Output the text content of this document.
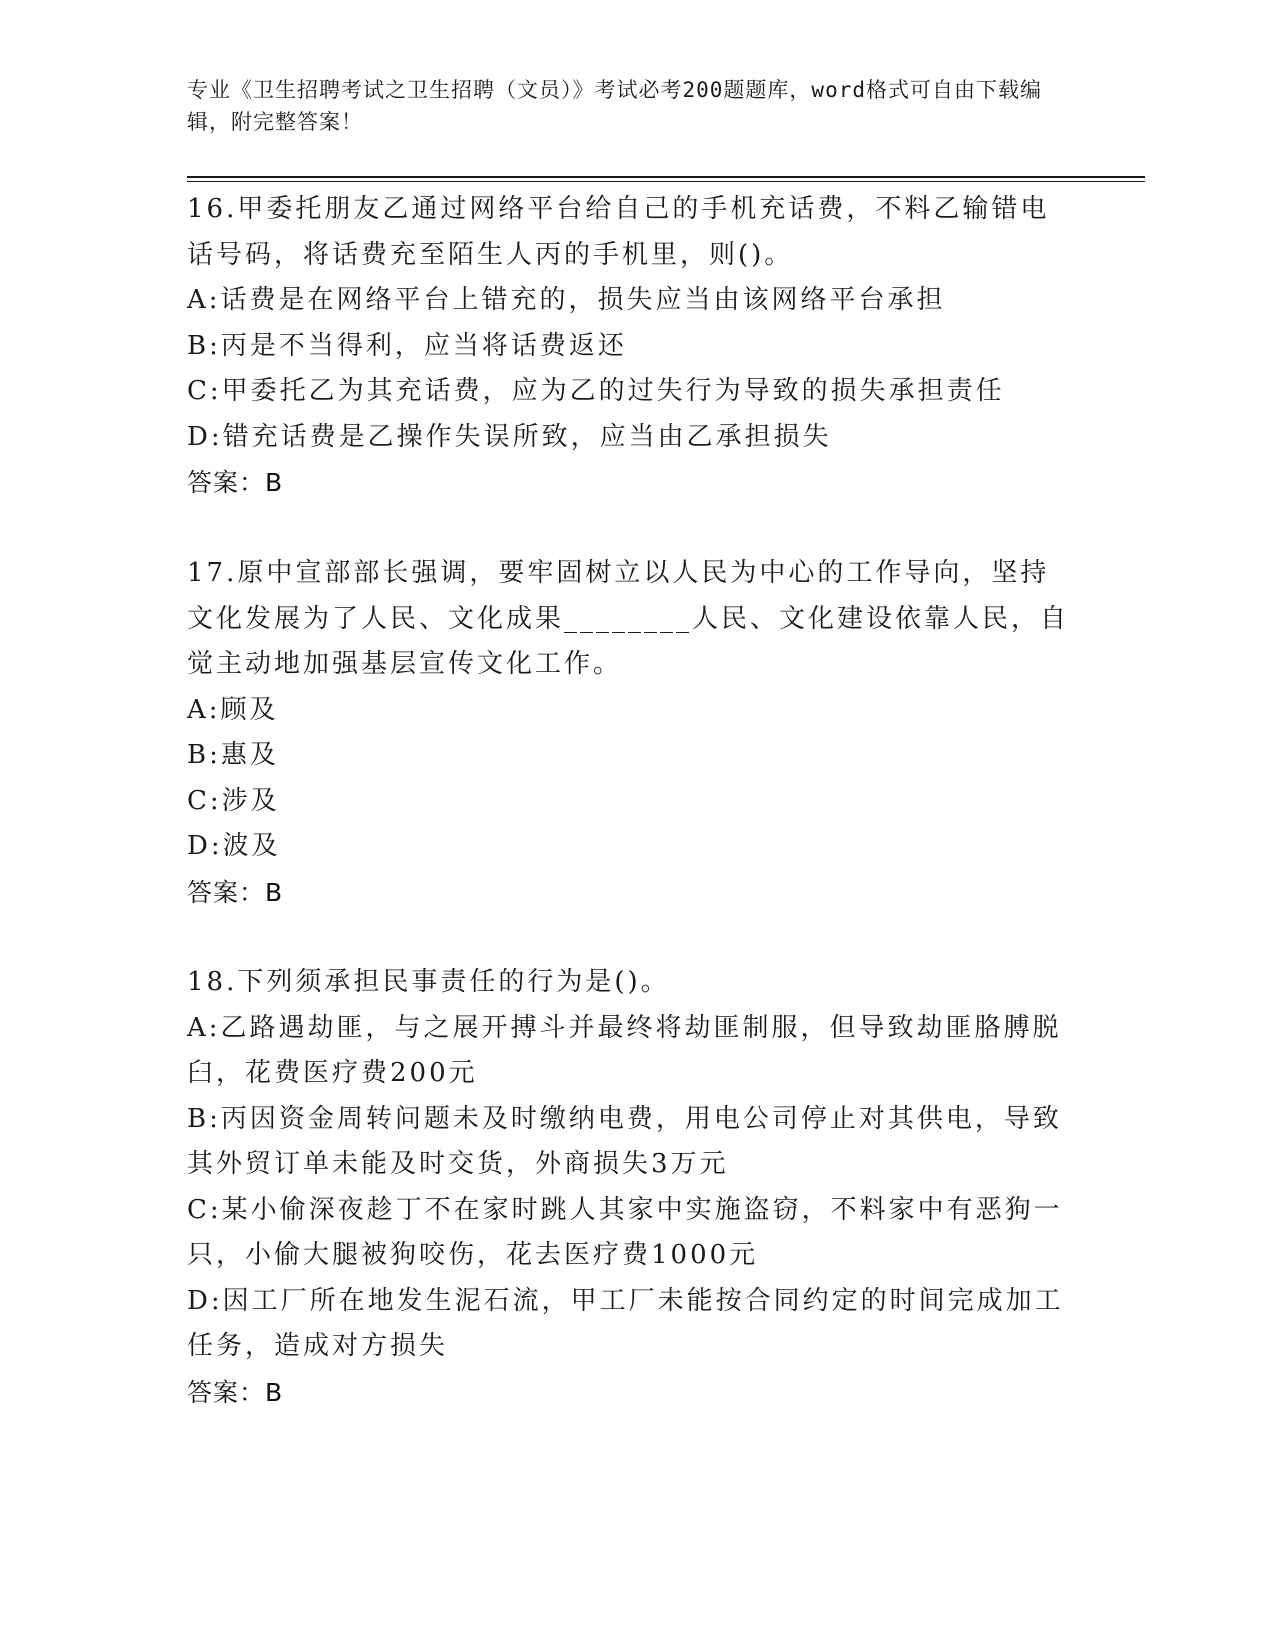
专业《卫生招聘考试之卫生招聘（文员）》考试必考200题题库，word格式可自由下载编辑，附完整答案！

16.甲委托朋友乙通过网络平台给自己的手机充话费，不料乙输错电话号码，将话费充至陌生人丙的手机里，则()。

A:话费是在网络平台上错充的，损失应当由该网络平台承担

B:丙是不当得利，应当将话费返还

C:甲委托乙为其充话费，应为乙的过失行为导致的损失承担责任

D:错充话费是乙操作失误所致，应当由乙承担损失

答案：B

17.原中宣部部长强调，要牢固树立以人民为中心的工作导向，坚持文化发展为了人民、文化成果________人民、文化建设依靠人民，自觉主动地加强基层宣传文化工作。

A:顾及

B:惠及

C:涉及

D:波及

答案：B

18.下列须承担民事责任的行为是()。

A:乙路遇劫匪，与之展开搏斗并最终将劫匪制服，但导致劫匪胳膊脱臼，花费医疗费200元

B:丙因资金周转问题未及时缴纳电费，用电公司停止对其供电，导致其外贸订单未能及时交货，外商损失3万元

C:某小偷深夜趁丁不在家时跳人其家中实施盗窃，不料家中有恶狗一只，小偷大腿被狗咬伤，花去医疗费1000元

D:因工厂所在地发生泥石流，甲工厂未能按合同约定的时间完成加工任务，造成对方损失

答案：B
